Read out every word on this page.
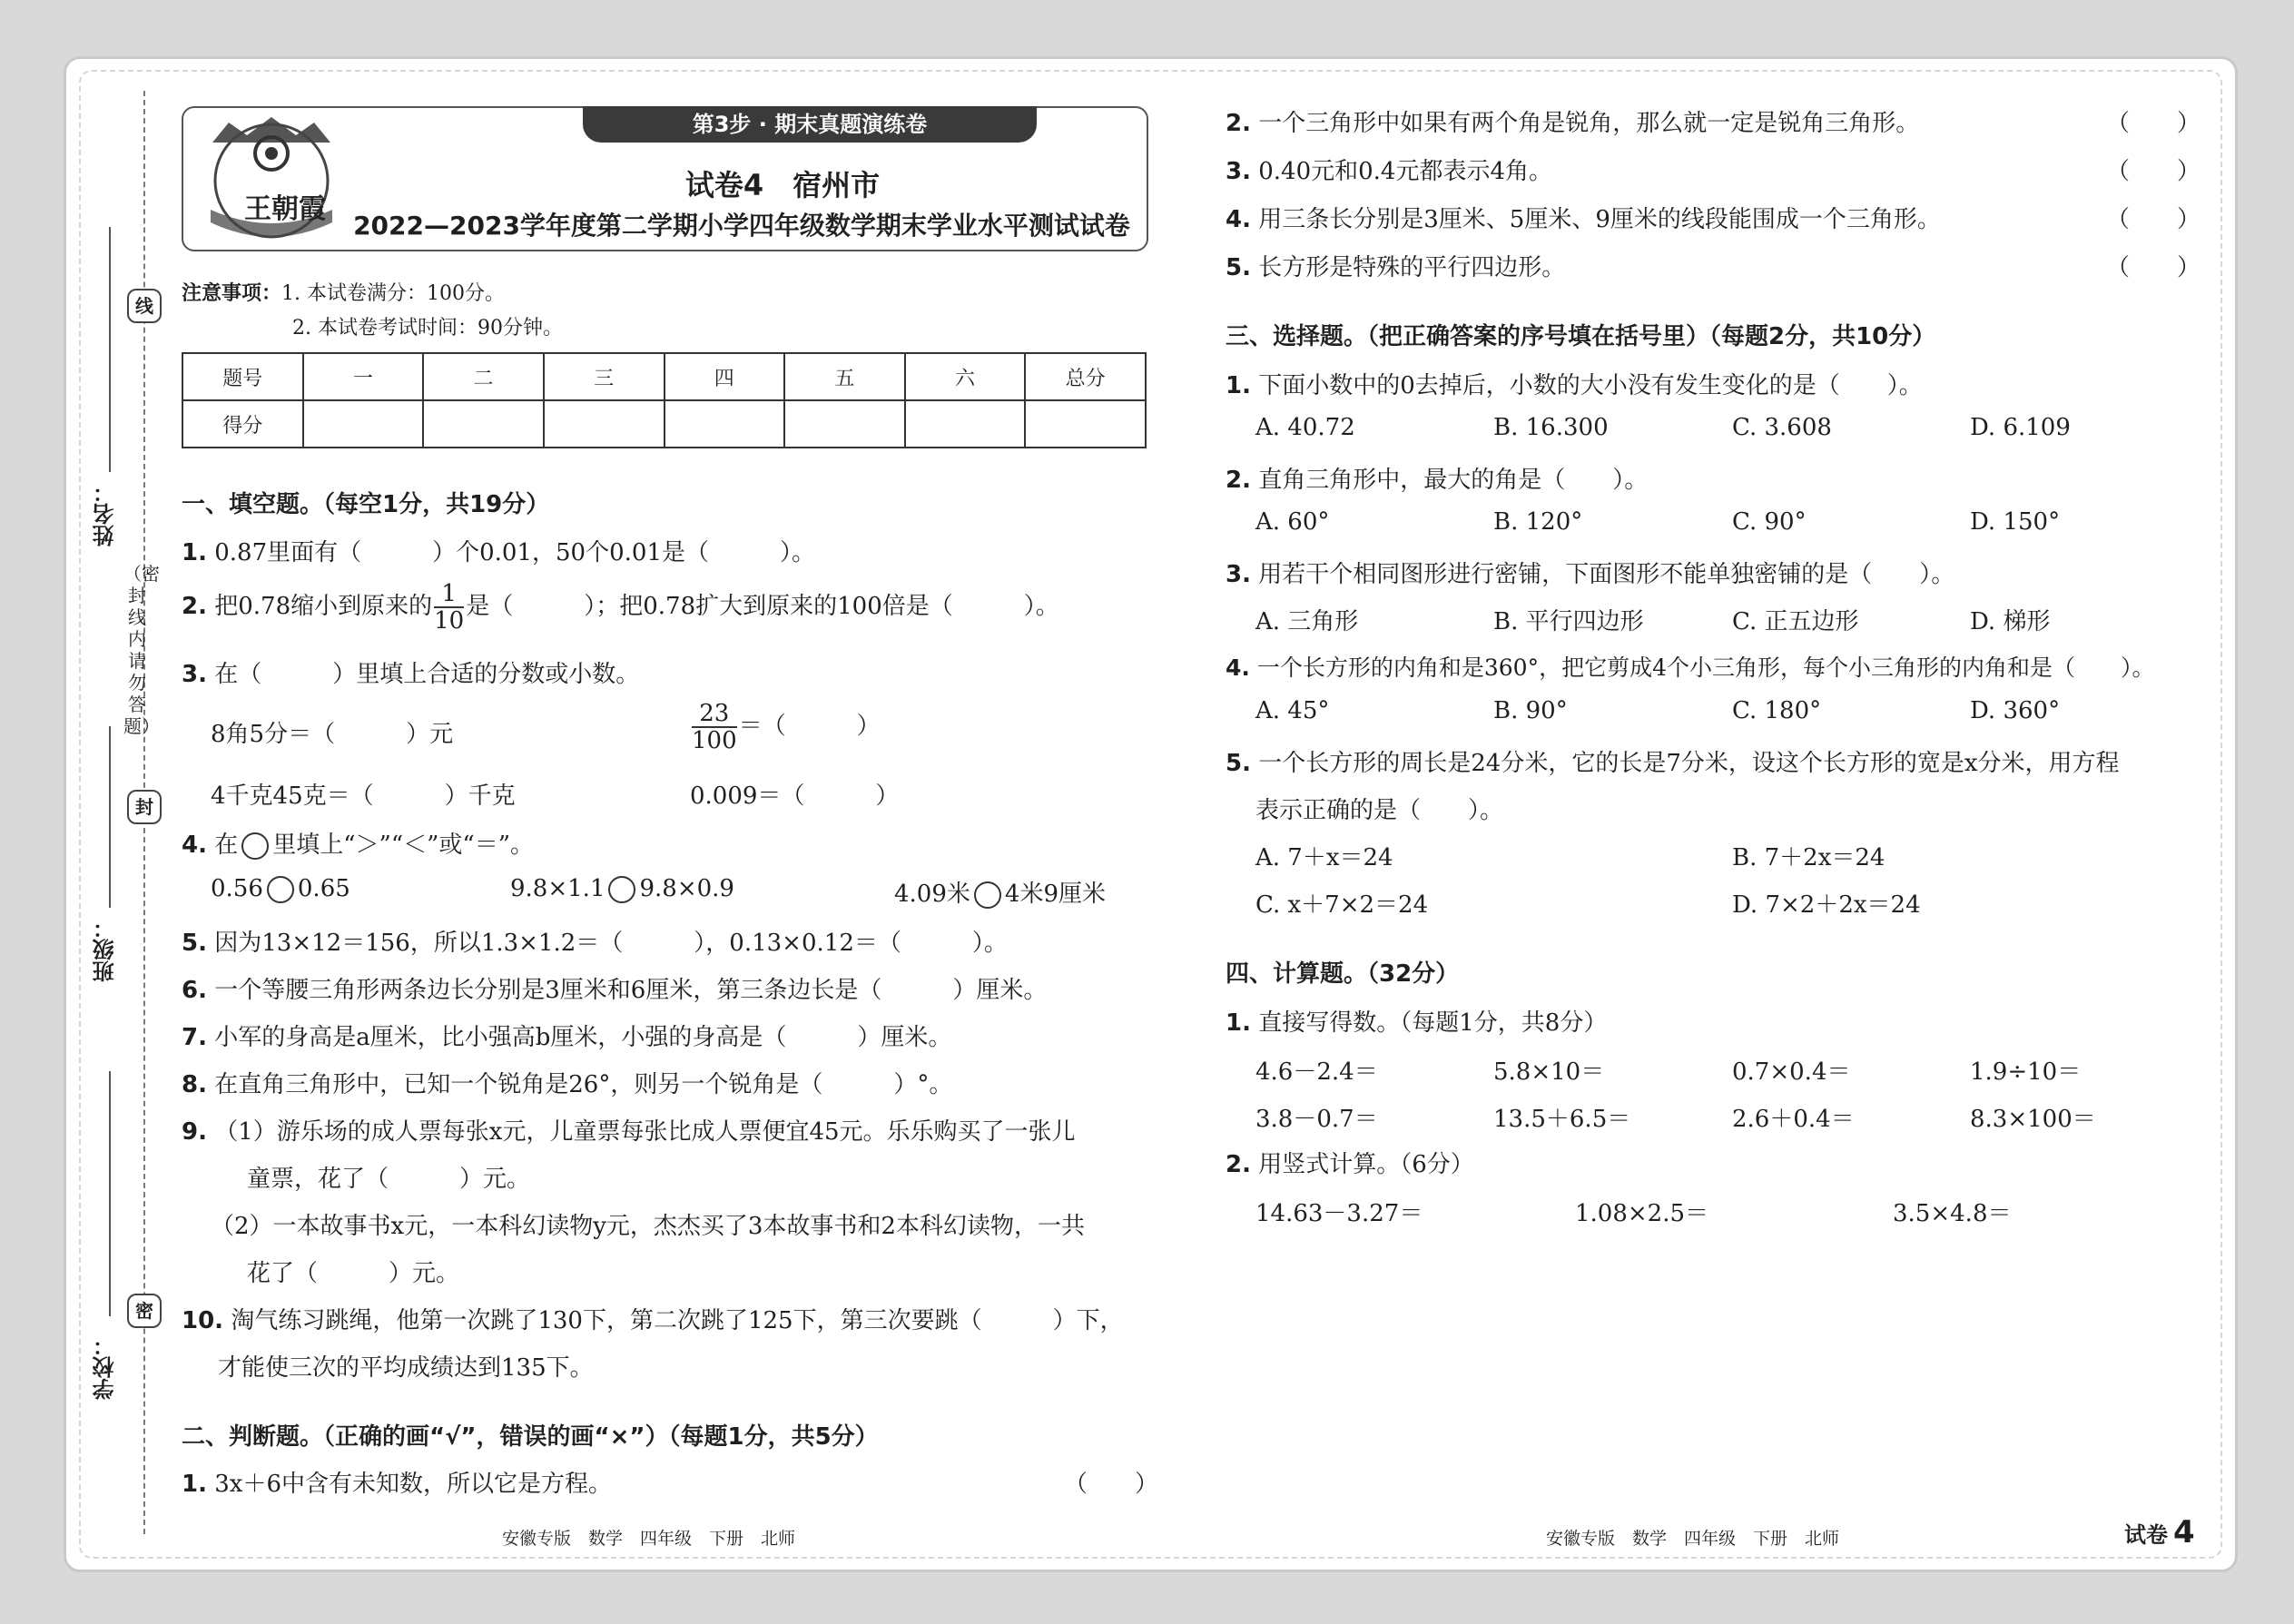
线
（密封线内请勿答题）
封
密
姓名：
班级：
学校：
王朝霞
第3步 · 期末真题演练卷
试卷4　宿州市
2022—2023学年度第二学期小学四年级数学期末学业水平测试试卷
注意事项：1. 本试卷满分：100分。
2. 本试卷考试时间：90分钟。
题号	一	二	三	四	五	六	总分
得分							
一、填空题。（每空1分，共19分）
1. 0.87里面有（　　　）个0.01，50个0.01是（　　　）。
2. 把0.78缩小到原来的 $\frac{1}{10}$ 是（　　　）；把0.78扩大到原来的100倍是（　　　）。
3. 在（　　　）里填上合适的分数或小数。
8角5分＝（　　　）元	$\frac{23}{100}$ ＝（　　　）
4千克45克＝（　　　）千克	0.009＝（　　　）
4. 在 里填上“＞”“＜”或“＝”。
0.56 0.65	9.8×1.1 9.8×0.9	4.09米 4米9厘米
5. 因为13×12＝156，所以1.3×1.2＝（　　　），0.13×0.12＝（　　　）。
6. 一个等腰三角形两条边长分别是3厘米和6厘米，第三条边长是（　　　）厘米。
7. 小军的身高是a厘米，比小强高b厘米，小强的身高是（　　　）厘米。
8. 在直角三角形中，已知一个锐角是26°，则另一个锐角是（　　　）°。
9. （1）游乐场的成人票每张x元，儿童票每张比成人票便宜45元。乐乐购买了一张儿
童票，花了（　　　）元。
（2）一本故事书x元，一本科幻读物y元，杰杰买了3本故事书和2本科幻读物，一共
花了（　　　）元。
10. 淘气练习跳绳，他第一次跳了130下，第二次跳了125下，第三次要跳（　　　）下，
才能使三次的平均成绩达到135下。
二、判断题。（正确的画“√”，错误的画“×”）（每题1分，共5分）
1. 3x＋6中含有未知数，所以它是方程。	（　　）
2. 一个三角形中如果有两个角是锐角，那么就一定是锐角三角形。	（　　）
3. 0.40元和0.4元都表示4角。	（　　）
4. 用三条长分别是3厘米、5厘米、9厘米的线段能围成一个三角形。	（　　）
5. 长方形是特殊的平行四边形。	（　　）
三、选择题。（把正确答案的序号填在括号里）（每题2分，共10分）
1. 下面小数中的0去掉后，小数的大小没有发生变化的是（　　）。
A. 40.72	B. 16.300	C. 3.608	D. 6.109
2. 直角三角形中，最大的角是（　　）。
A. 60°	B. 120°	C. 90°	D. 150°
3. 用若干个相同图形进行密铺，下面图形不能单独密铺的是（　　）。
A. 三角形	B. 平行四边形	C. 正五边形	D. 梯形
4. 一个长方形的内角和是360°，把它剪成4个小三角形，每个小三角形的内角和是（　　）。
A. 45°	B. 90°	C. 180°	D. 360°
5. 一个长方形的周长是24分米，它的长是7分米，设这个长方形的宽是x分米，用方程
表示正确的是（　　）。
A. 7＋x＝24	B. 7＋2x＝24
C. x＋7×2＝24	D. 7×2＋2x＝24
四、计算题。（32分）
1. 直接写得数。（每题1分，共8分）
4.6－2.4＝	5.8×10＝	0.7×0.4＝	1.9÷10＝
3.8－0.7＝	13.5＋6.5＝	2.6＋0.4＝	8.3×100＝
2. 用竖式计算。（6分）
14.63－3.27＝	1.08×2.5＝	3.5×4.8＝
安徽专版　数学　四年级　下册　北师	安徽专版　数学　四年级　下册　北师	试卷 4
